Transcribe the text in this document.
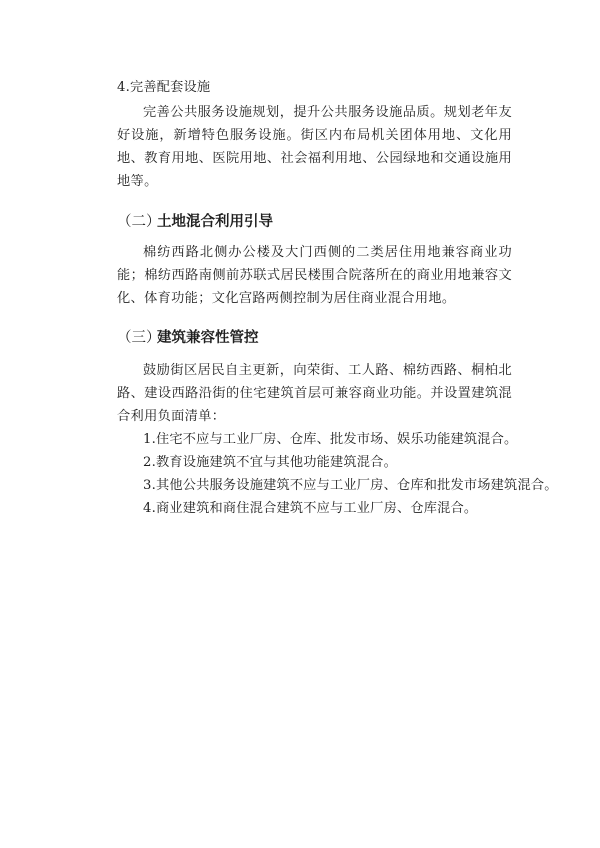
4.完善配套设施

完善公共服务设施规划，提升公共服务设施品质。规划老年友好设施，新增特色服务设施。街区内布局机关团体用地、文化用地、教育用地、医院用地、社会福利用地、公园绿地和交通设施用地等。

（二）土地混合利用引导

棉纺西路北侧办公楼及大门西侧的二类居住用地兼容商业功能；棉纺西路南侧前苏联式居民楼围合院落所在的商业用地兼容文化、体育功能；文化宫路两侧控制为居住商业混合用地。

（三）建筑兼容性管控

鼓励街区居民自主更新，向荣街、工人路、棉纺西路、桐柏北路、建设西路沿街的住宅建筑首层可兼容商业功能。并设置建筑混合利用负面清单：

1.住宅不应与工业厂房、仓库、批发市场、娱乐功能建筑混合。
2.教育设施建筑不宜与其他功能建筑混合。
3.其他公共服务设施建筑不应与工业厂房、仓库和批发市场建筑混合。
4.商业建筑和商住混合建筑不应与工业厂房、仓库混合。
